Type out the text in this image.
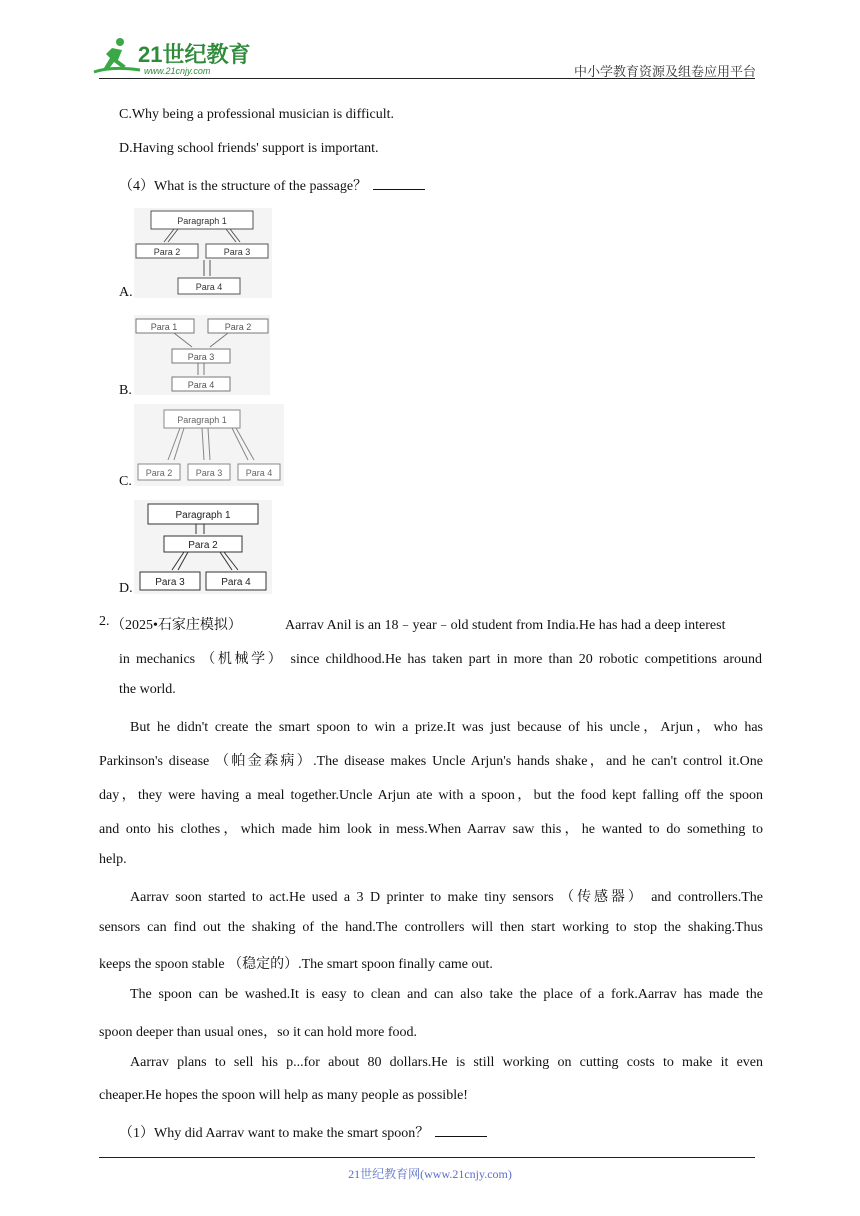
21世纪教育
www.21cnjy.com	中小学教育资源及组卷应用平台
C.Why being a professional musician is difficult.
D.Having school friends' support is important.
（4）What is the structure of the passage？
A.
Paragraph 1
Para 2	Para 3
Para 4
B.
Para 1	Para 2
Para 3
Para 4
C.
Paragraph 1
Para 2	Para 3	Para 4
D.
Paragraph 1
Para 2
Para 3	Para 4
2. （2025•石家庄模拟）	Aarrav Anil is an 18﹣year﹣old student from India.He has had a deep interest
in mechanics （机械学） since childhood.He has taken part in more than 20 robotic competitions around
the world.
But he didn't create the smart spoon to win a prize.It was just because of his uncle，Arjun，who has
Parkinson's disease （帕金森病）.The disease makes Uncle Arjun's hands shake，and he can't control it.One
day，they were having a meal together.Uncle Arjun ate with a spoon，but the food kept falling off the spoon
and onto his clothes，which made him look in mess.When Aarrav saw this，he wanted to do something to
help.
Aarrav soon started to act.He used a 3 D printer to make tiny sensors （传感器） and controllers.The
sensors can find out the shaking of the hand.The controllers will then start working to stop the shaking.Thus
keeps the spoon stable （稳定的）.The smart spoon finally came out.
The spoon can be washed.It is easy to clean and can also take the place of a fork.Aarrav has made the
spoon deeper than usual ones，so it can hold more food.
Aarrav plans to sell his p...for about 80 dollars.He is still working on cutting costs to make it even
cheaper.He hopes the spoon will help as many people as possible!
（1）Why did Aarrav want to make the smart spoon？
21世纪教育网(www.21cnjy.com)
